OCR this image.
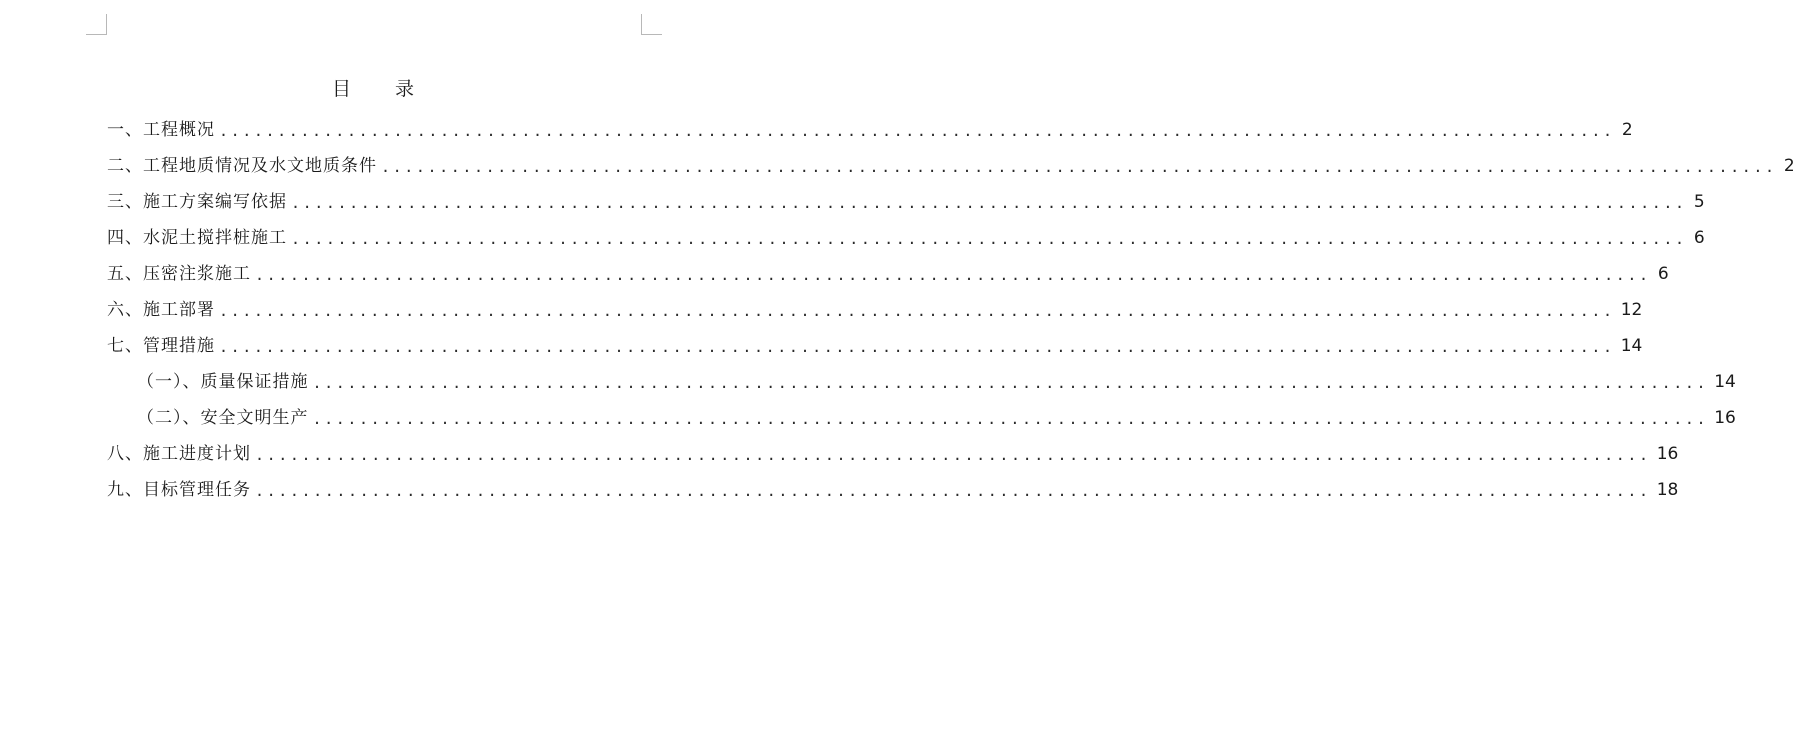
目　　录
一、工程概况 ........................................................................................................................ 2
二、工程地质情况及水文地质条件 ........................................................................................................................ 2
三、施工方案编写依据 ........................................................................................................................ 5
四、水泥土搅拌桩施工 ........................................................................................................................ 6
五、压密注浆施工 ........................................................................................................................ 6
六、施工部署 ........................................................................................................................ 12
七、管理措施 ........................................................................................................................ 14
（一）、质量保证措施 ........................................................................................................................ 14
（二）、安全文明生产 ........................................................................................................................ 16
八、施工进度计划 ........................................................................................................................ 16
九、目标管理任务 ........................................................................................................................ 18
